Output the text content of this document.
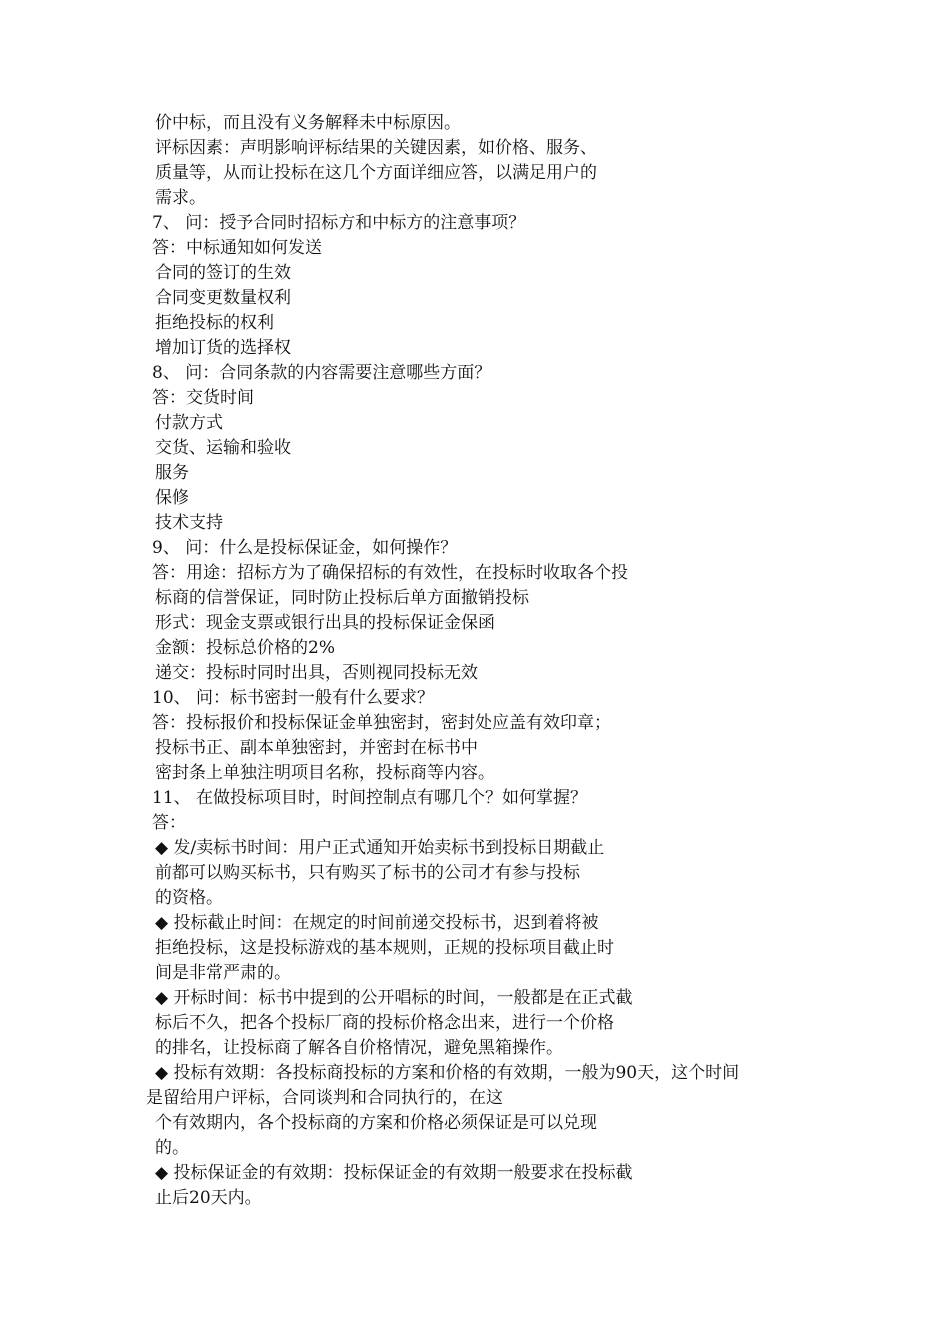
价中标，而且没有义务解释未中标原因。
评标因素：声明影响评标结果的关键因素，如价格、服务、
质量等，从而让投标在这几个方面详细应答，以满足用户的
需求。
7、 问：授予合同时招标方和中标方的注意事项？
答：中标通知如何发送
合同的签订的生效
合同变更数量权利
拒绝投标的权利
增加订货的选择权
8、 问：合同条款的内容需要注意哪些方面？
答：交货时间
付款方式
交货、运输和验收
服务
保修
技术支持
9、 问：什么是投标保证金，如何操作？
答：用途：招标方为了确保招标的有效性，在投标时收取各个投
标商的信誉保证，同时防止投标后单方面撤销投标
形式：现金支票或银行出具的投标保证金保函
金额：投标总价格的2%
递交：投标时同时出具，否则视同投标无效
10、 问：标书密封一般有什么要求？
答：投标报价和投标保证金单独密封，密封处应盖有效印章；
投标书正、副本单独密封，并密封在标书中
密封条上单独注明项目名称，投标商等内容。
11、 在做投标项目时，时间控制点有哪几个？如何掌握？
答：
◆ 发/卖标书时间：用户正式通知开始卖标书到投标日期截止
前都可以购买标书，只有购买了标书的公司才有参与投标
的资格。
◆ 投标截止时间：在规定的时间前递交投标书，迟到着将被
拒绝投标，这是投标游戏的基本规则，正规的投标项目截止时
间是非常严肃的。
◆ 开标时间：标书中提到的公开唱标的时间，一般都是在正式截
标后不久，把各个投标厂商的投标价格念出来，进行一个价格
的排名，让投标商了解各自价格情况，避免黑箱操作。
◆ 投标有效期：各投标商投标的方案和价格的有效期，一般为90天，这个时间
是留给用户评标，合同谈判和合同执行的，在这
个有效期内，各个投标商的方案和价格必须保证是可以兑现
的。
◆ 投标保证金的有效期：投标保证金的有效期一般要求在投标截
止后20天内。
